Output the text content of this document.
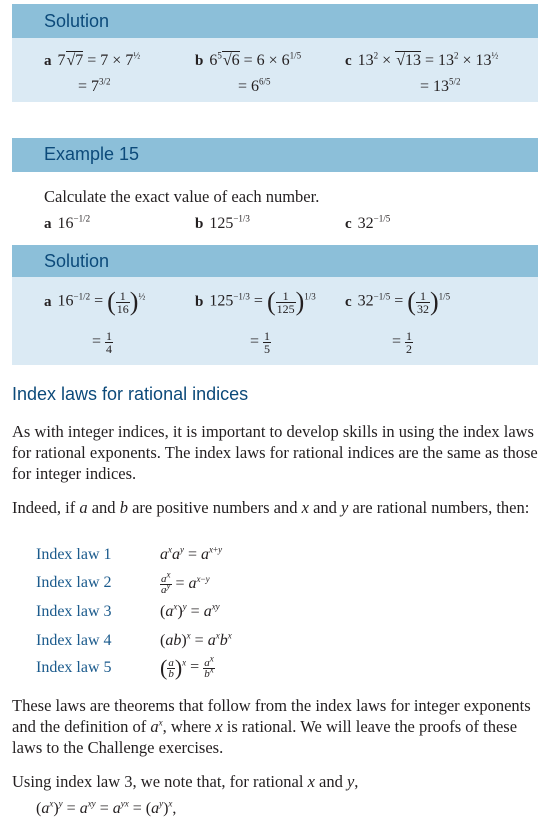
Solution
a $7√7 = 7 \times 7^{\frac{1}{2}}$
= $7^{3/2}$
b $6^5√6 = 6 \times 6^{1/5}$
= $6^{6/5}$
c $13^2 \times √13 = 13^2 \times 13^{\frac{1}{2}}$
= $13^{5/2}$
Example 15
Calculate the exact value of each number.
a $16^{-1/2}$	b $125^{-1/3}$	c $32^{-1/5}$
Solution
a $16^{-1/2}$ = ( $\frac{1}{16} )^{\frac{1}{2}}$
= $\frac{1}{4}$
b $125^{-1/3}$ = ( $\frac{1}{125} )^{1/3}$
= $\frac{1}{5}$
c $32^{-1/5}$ = ( $\frac{1}{32} )^{1/5}$
= $\frac{1}{2}$
Index laws for rational indices
As with integer indices, it is important to develop skills in using the index laws for rational exponents. The index laws for rational indices are the same as those for integer indices.
Indeed, if a and b are positive numbers and x and y are rational numbers, then:
Index law 1	$a^xa^y = a^{x+y}$
Index law 2	$\frac{a^x}{a^y} = a^{x-y}$
Index law 3	$(a^x)^y = a^{xy}$
Index law 4	$(ab)^x = a^xb^x$
Index law 5 ( $\frac{a}{b} )^x = \frac{a^x}{b^x}$
These laws are theorems that follow from the index laws for integer exponents and the definition of $a^x$, where x is rational. We will leave the proofs of these laws to the Challenge exercises.
Using index law 3, we note that, for rational x and y,
$(a^x)^y = a^{xy} = a^{yx} = (a^y)^x$,
